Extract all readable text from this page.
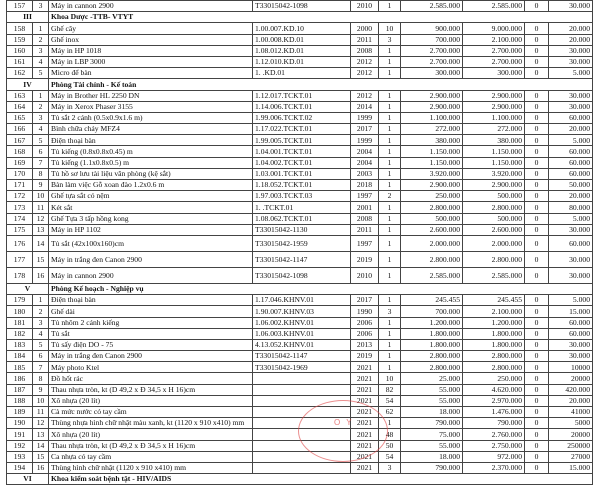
157	3	Máy in cannon 2900	T33015042-1098	2010	1	2.585.000	2.585.000	0	30.000
III		Khoa Dược -TTB- VTYT							
158	1	Ghế cây	1.00.007.KD.10	2000	10	900.000	9.000.000	0	20.000
159	2	Ghế inox	1.00.008.KD.01	2011	3	700.000	2.100.000	0	20.000
160	3	Máy in HP 1018	1.08.012.KD.01	2008	1	2.700.000	2.700.000	0	30.000
161	4	Máy in LBP 3000	1.12.010.KD.01	2012	1	2.700.000	2.700.000	0	30.000
162	5	Micro để bàn	1. .KD.01	2012	1	300.000	300.000	0	5.000
IV		Phòng Tài chính - Kế toán							
163	1	Máy in Brother HL 2250 DN	1.12.017.TCKT.01	2012	1	2.900.000	2.900.000	0	30.000
164	2	Máy in Xerox Phaser 3155	1.14.006.TCKT.01	2014	1	2.900.000	2.900.000	0	30.000
165	3	Tủ sắt 2 cánh (0.5x0.9x1.6 m)	1.99.006.TCKT.02	1999	1	1.100.000	1.100.000	0	60.000
166	4	Bình chữa cháy MFZ4	1.17.022.TCKT.01	2017	1	272.000	272.000	0	20.000
167	5	Điện thoại bàn	1.99.005.TCKT.01	1999	1	380.000	380.000	0	5.000
168	6	Tủ kiếng (0.8x0.8x0.45) m	1.04.001.TCKT.01	2004	1	1.150.000	1.150.000	0	60.000
169	7	Tủ kiếng (1.1x0.8x0.5) m	1.04.002.TCKT.01	2004	1	1.150.000	1.150.000	0	60.000
170	8	Tủ hồ sơ lưu tài liệu văn phòng (kệ sắt)	1.03.001.TCKT.01	2003	1	3.920.000	3.920.000	0	60.000
171	9	Bàn làm việc Gỗ xoan đào 1.2x0.6 m	1.18.052.TCKT.01	2018	1	2.900.000	2.900.000	0	50.000
172	10	Ghế tựa sắt có nệm	1.97.003.TCKT.03	1997	2	250.000	500.000	0	20.000
173	11	Két sắt	1. .TCKT.01	2001	1	2.800.000	2.800.000	0	80.000
174	12	Ghế Tựa 3 tấp hồng kong	1.08.062.TCKT.01	2008	1	500.000	500.000	0	5.000
175	13	Máy in HP 1102	T33015042-1130	2011	1	2.600.000	2.600.000	0	30.000
176	14	Tủ sắt (42x100x160)cm	T33015042-1959	1997	1	2.000.000	2.000.000	0	60.000
177	15	Máy in trắng đen Canon 2900	T33015042-1147	2019	1	2.800.000	2.800.000	0	30.000
178	16	Máy in cannon 2900	T33015042-1098	2010	1	2.585.000	2.585.000	0	30.000
V		Phòng Kế hoạch - Nghiệp vụ							
179	1	Điện thoại bàn	1.17.046.KHNV.01	2017	1	245.455	245.455	0	5.000
180	2	Ghế dài	1.90.007.KHNV.03	1990	3	700.000	2.100.000	0	15.000
181	3	Tủ nhôm 2 cánh kiếng	1.06.002.KHNV.01	2006	1	1.200.000	1.200.000	0	60.000
182	4	Tủ sắt	1.06.003.KHNV.01	2006	1	1.800.000	1.800.000	0	60.000
183	5	Tủ sấy điện DO - 75	4.13.052.KHNV.01	2013	1	1.800.000	1.800.000	0	30.000
184	6	Máy in trắng đen Canon 2900	T33015042-1147	2019	1	2.800.000	2.800.000	0	30.000
185	7	Máy photo Ktel	T33015042-1969	2021	1	2.800.000	2.800.000	0	10000
186	8	Đồ hốt rác		2021	10	25.000	250.000	0	20000
187	9	Thau nhựa tròn, kt (D 49,2 x Đ 34,5 x H 16)cm		2021	82	55.000	4.620.000	0	420.000
188	10	Xô nhựa (20 lít)		2021	54	55.000	2.970.000	0	20.000
189	11	Cà mức nước có tay cầm		2021	62	18.000	1.476.000	0	41000
190	12	Thùng nhựa hình chữ nhật màu xanh, kt (1120 x 910 x410) mm		2021	1	790.000	790.000	0	5000
191	13	Xô nhựa (20 lít)		2021	48	75.000	2.760.000	0	20000
192	14	Thau nhựa tròn, kt (D 49,2 x Đ 34,5 x H 16)cm		2021	50	55.000	2.750.000	0	250000
193	15	Ca nhựa có tay cầm		2021	54	18.000	972.000	0	27000
194	16	Thùng hình chữ nhật (1120 x 910 x410) mm		2021	3	790.000	2.370.000	0	15.000
VI		Khoa kiểm soát bệnh tật - HIV/AIDS							
O Y
